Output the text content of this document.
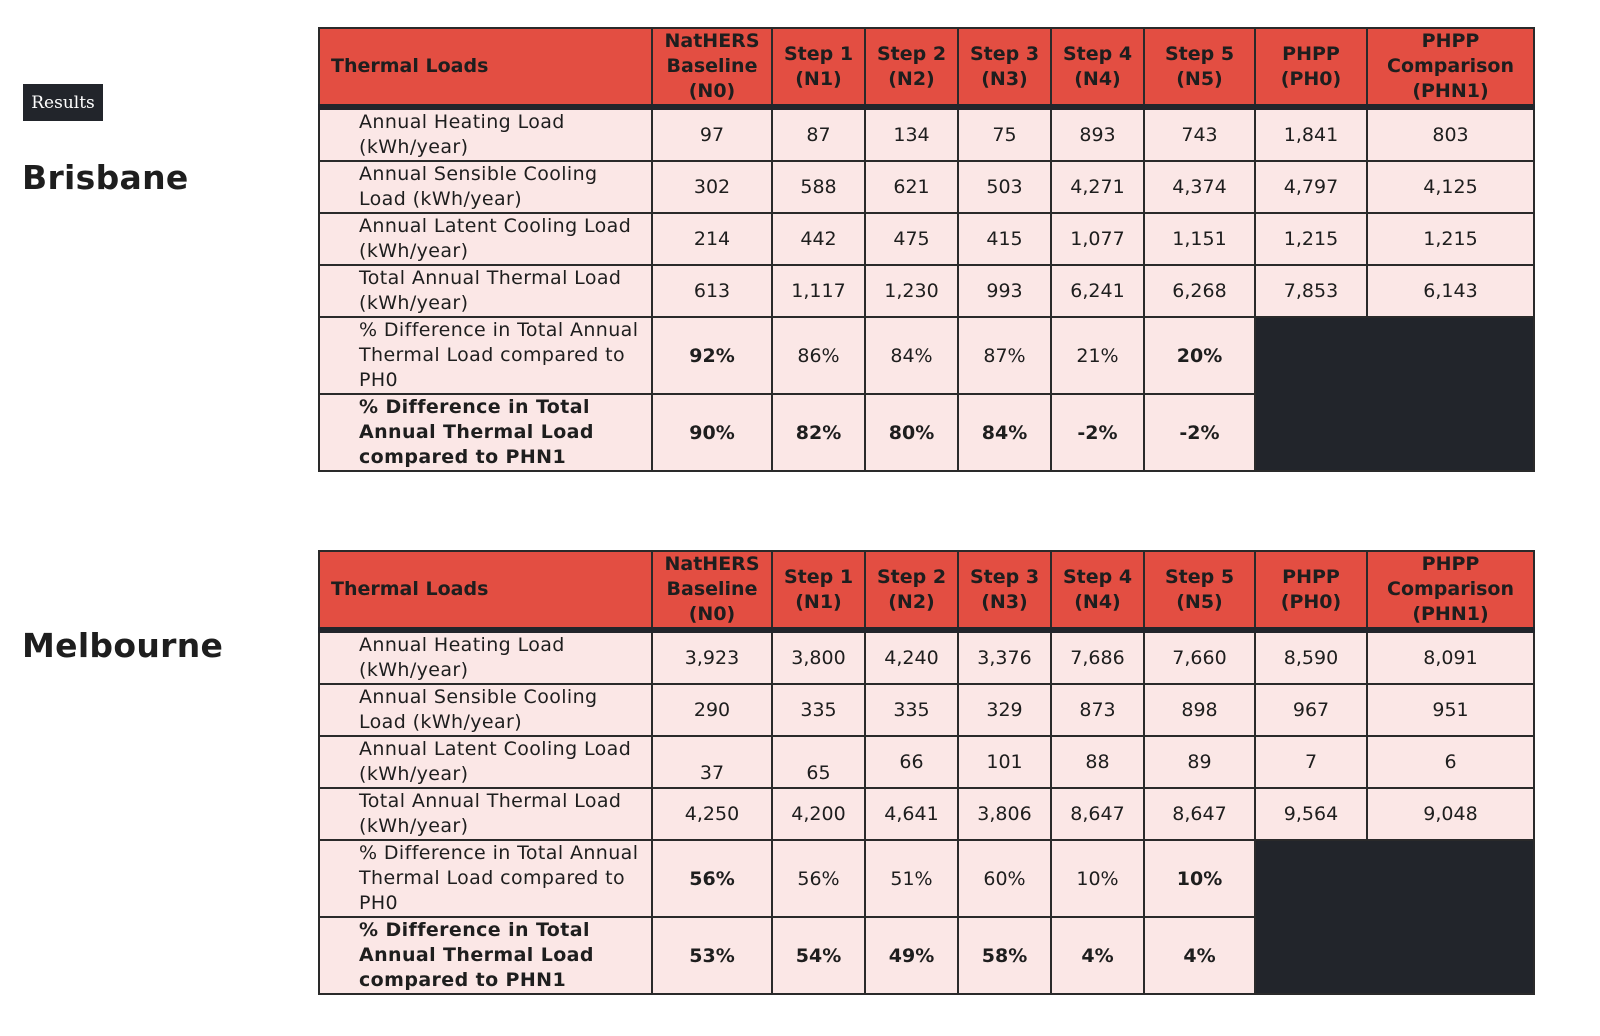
Results
Brisbane
Thermal Loads	NatHERS Baseline (N0)	Step 1 (N1)	Step 2 (N2)	Step 3 (N3)	Step 4 (N4)	Step 5 (N5)	PHPP (PH0)	PHPP Comparison (PHN1)
Annual Heating Load (kWh/year)	97	87	134	75	893	743	1,841	803
Annual Sensible Cooling Load (kWh/year)	302	588	621	503	4,271	4,374	4,797	4,125
Annual Latent Cooling Load (kWh/year)	214	442	475	415	1,077	1,151	1,215	1,215
Total Annual Thermal Load (kWh/year)	613	1,117	1,230	993	6,241	6,268	7,853	6,143
% Difference in Total Annual Thermal Load compared to PH0	92%	86%	84%	87%	21%	20%		
% Difference in Total Annual Thermal Load compared to PHN1	90%	82%	80%	84%	-2%	-2%		
Melbourne
Thermal Loads	NatHERS Baseline (N0)	Step 1 (N1)	Step 2 (N2)	Step 3 (N3)	Step 4 (N4)	Step 5 (N5)	PHPP (PH0)	PHPP Comparison (PHN1)
Annual Heating Load (kWh/year)	3,923	3,800	4,240	3,376	7,686	7,660	8,590	8,091
Annual Sensible Cooling Load (kWh/year)	290	335	335	329	873	898	967	951
Annual Latent Cooling Load (kWh/year)	37	65	66	101	88	89	7	6
Total Annual Thermal Load (kWh/year)	4,250	4,200	4,641	3,806	8,647	8,647	9,564	9,048
% Difference in Total Annual Thermal Load compared to PH0	56%	56%	51%	60%	10%	10%		
% Difference in Total Annual Thermal Load compared to PHN1	53%	54%	49%	58%	4%	4%		
